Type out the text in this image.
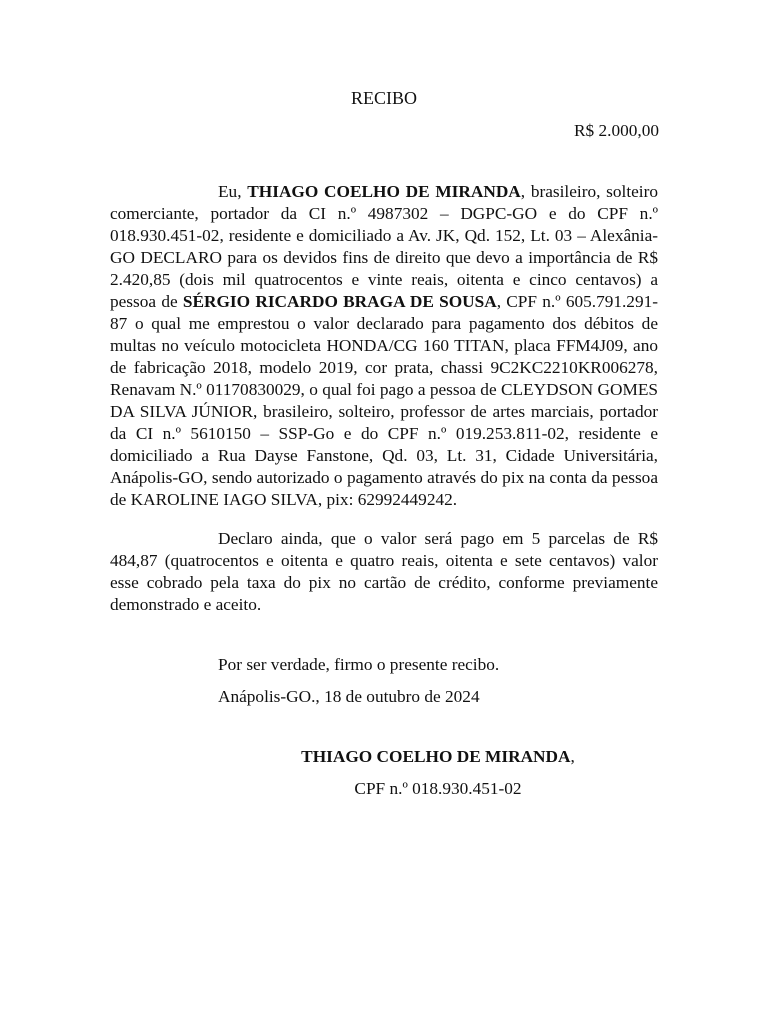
RECIBO
R$ 2.000,00

Eu, THIAGO COELHO DE MIRANDA, brasileiro, solteiro comerciante, portador da CI n.º 4987302 – DGPC-GO e do CPF n.º 018.930.451-02, residente e domiciliado a Av. JK, Qd. 152, Lt. 03 – Alexânia-GO DECLARO para os devidos fins de direito que devo a importância de R$ 2.420,85 (dois mil quatrocentos e vinte reais, oitenta e cinco centavos) a pessoa de SÉRGIO RICARDO BRAGA DE SOUSA, CPF n.º 605.791.291-87 o qual me emprestou o valor declarado para pagamento dos débitos de multas no veículo motocicleta HONDA/CG 160 TITAN, placa FFM4J09, ano de fabricação 2018, modelo 2019, cor prata, chassi 9C2KC2210KR006278, Renavam N.º 01170830029, o qual foi pago a pessoa de CLEYDSON GOMES DA SILVA JÚNIOR, brasileiro, solteiro, professor de artes marciais, portador da CI n.º 5610150 – SSP-Go e do CPF n.º 019.253.811-02, residente e domiciliado a Rua Dayse Fanstone, Qd. 03, Lt. 31, Cidade Universitária, Anápolis-GO, sendo autorizado o pagamento através do pix na conta da pessoa de KAROLINE IAGO SILVA, pix: 62992449242.

Declaro ainda, que o valor será pago em 5 parcelas de R$ 484,87 (quatrocentos e oitenta e quatro reais, oitenta e sete centavos) valor esse cobrado pela taxa do pix no cartão de crédito, conforme previamente demonstrado e aceito.

Por ser verdade, firmo o presente recibo.

Anápolis-GO., 18 de outubro de 2024

THIAGO COELHO DE MIRANDA,
CPF n.º 018.930.451-02
